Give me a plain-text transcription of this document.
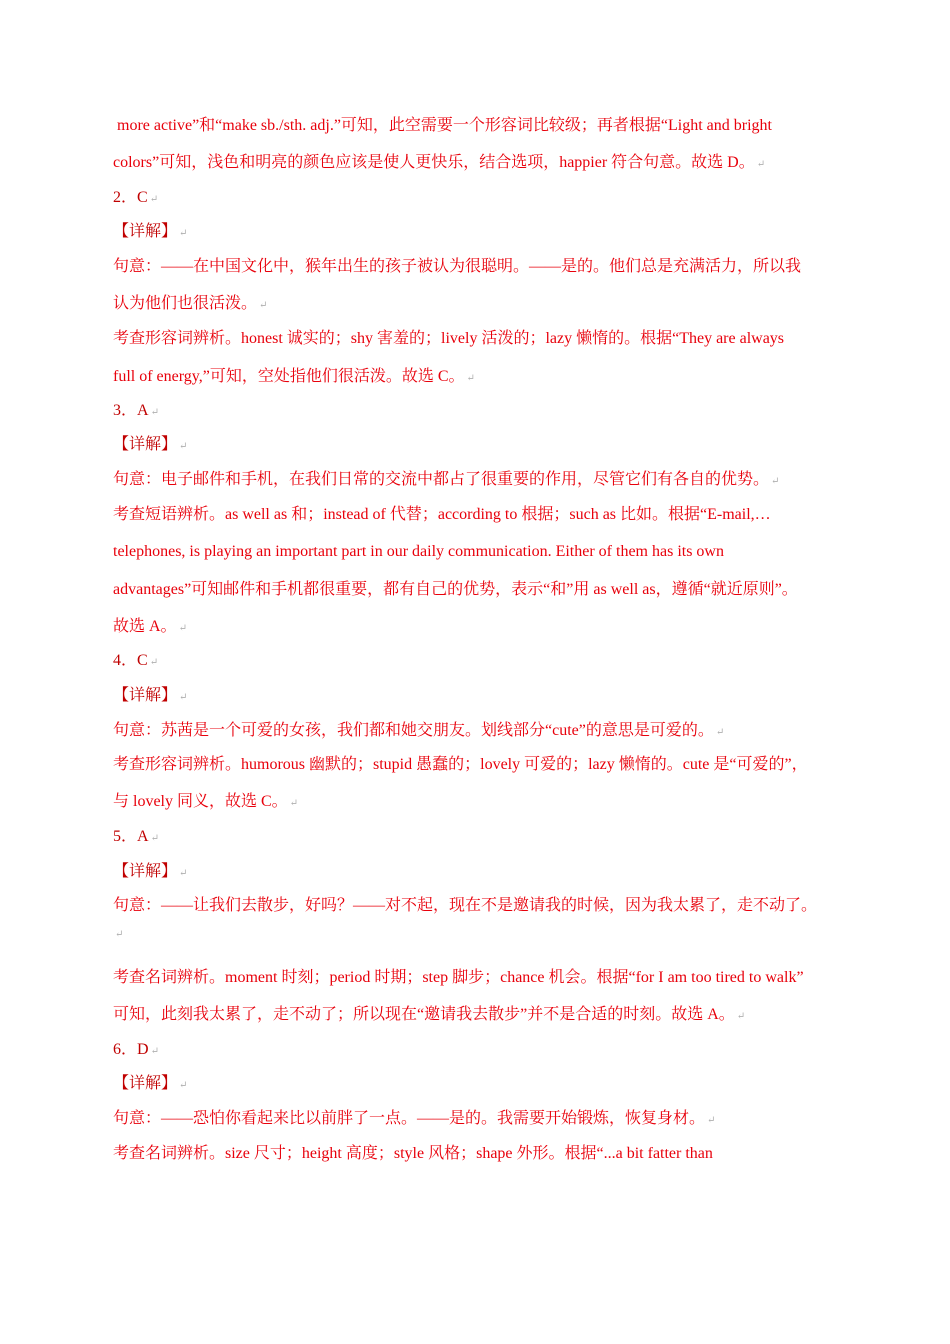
more active”和“make sb./sth. adj.”可知，此空需要一个形容词比较级；再者根据“Light and bright
colors”可知，浅色和明亮的颜色应该是使人更快乐，结合选项，happier 符合句意。故选 D。 ↵
2．C ↵
【详解】 ↵
句意：——在中国文化中，猴年出生的孩子被认为很聪明。——是的。他们总是充满活力，所以我
认为他们也很活泼。 ↵
考查形容词辨析。honest 诚实的；shy 害羞的；lively 活泼的；lazy 懒惰的。根据“They are always
full of energy,”可知，空处指他们很活泼。故选 C。 ↵
3．A ↵
【详解】 ↵
句意：电子邮件和手机，在我们日常的交流中都占了很重要的作用，尽管它们有各自的优势。 ↵
考查短语辨析。as well as 和；instead of 代替；according to 根据；such as 比如。根据“E-mail,…
telephones, is playing an important part in our daily communication. Either of them has its own
advantages”可知邮件和手机都很重要，都有自己的优势，表示“和”用 as well as，遵循“就近原则”。
故选 A。 ↵
4．C ↵
【详解】 ↵
句意：苏茜是一个可爱的女孩，我们都和她交朋友。划线部分“cute”的意思是可爱的。 ↵
考查形容词辨析。humorous 幽默的；stupid 愚蠢的；lovely 可爱的；lazy 懒惰的。cute 是“可爱的”，
与 lovely 同义，故选 C。 ↵
5．A ↵
【详解】 ↵
句意：——让我们去散步，好吗？——对不起，现在不是邀请我的时候，因为我太累了，走不动了。
↵
考查名词辨析。moment 时刻；period 时期；step 脚步；chance 机会。根据“for I am too tired to walk”
可知，此刻我太累了，走不动了；所以现在“邀请我去散步”并不是合适的时刻。故选 A。 ↵
6．D ↵
【详解】 ↵
句意：——恐怕你看起来比以前胖了一点。——是的。我需要开始锻炼，恢复身材。 ↵
考查名词辨析。size 尺寸；height 高度；style 风格；shape 外形。根据“...a bit fatter than
